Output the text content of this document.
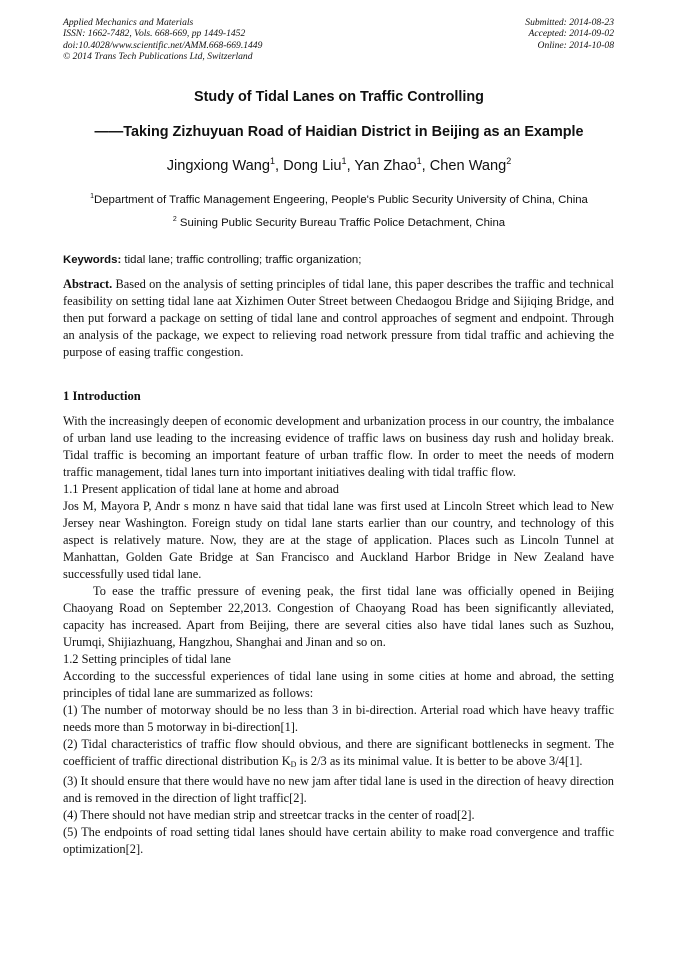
Applied Mechanics and Materials
ISSN: 1662-7482, Vols. 668-669, pp 1449-1452
doi:10.4028/www.scientific.net/AMM.668-669.1449
© 2014 Trans Tech Publications Ltd, Switzerland
Submitted: 2014-08-23
Accepted: 2014-09-02
Online: 2014-10-08
Study of Tidal Lanes on Traffic Controlling
——Taking Zizhuyuan Road of Haidian District in Beijing as an Example
Jingxiong Wang$^1$, Dong Liu$^1$, Yan Zhao$^1$, Chen Wang$^2$
$^1$Department of Traffic Management Engeering, People's Public Security University of China, China
$^2$ Suining Public Security Bureau Traffic Police Detachment, China
Keywords: tidal lane; traffic controlling; traffic organization;
Abstract. Based on the analysis of setting principles of tidal lane, this paper describes the traffic and technical feasibility on setting tidal lane aat Xizhimen Outer Street between Chedaogou Bridge and Sijiqing Bridge, and then put forward a package on setting of tidal lane and control approaches of segment and endpoint. Through an analysis of the package, we expect to relieving road network pressure from tidal traffic and achieving the purpose of easing traffic congestion.
1 Introduction

With the increasingly deepen of economic development and urbanization process in our country, the imbalance of urban land use leading to the increasing evidence of traffic laws on business day rush and holiday break. Tidal traffic is becoming an important feature of urban traffic flow. In order to meet the needs of modern traffic management, tidal lanes turn into important initiatives dealing with tidal traffic flow.

1.1 Present application of tidal lane at home and abroad

Jos M, Mayora P, Andr s monz n have said that tidal lane was first used at Lincoln Street which lead to New Jersey near Washington. Foreign study on tidal lane starts earlier than our country, and technology of this aspect is relatively mature. Now, they are at the stage of application. Places such as Lincoln Tunnel at Manhattan, Golden Gate Bridge at San Francisco and Auckland Harbor Bridge in New Zealand have successfully used tidal lane.

To ease the traffic pressure of evening peak, the first tidal lane was officially opened in Beijing Chaoyang Road on September 22,2013. Congestion of Chaoyang Road has been significantly alleviated, capacity has increased. Apart from Beijing, there are several cities also have tidal lanes such as Suzhou, Urumqi, Shijiazhuang, Hangzhou, Shanghai and Jinan and so on.

1.2 Setting principles of tidal lane

According to the successful experiences of tidal lane using in some cities at home and abroad, the setting principles of tidal lane are summarized as follows:

(1) The number of motorway should be no less than 3 in bi-direction. Arterial road which have heavy traffic needs more than 5 motorway in bi-direction[1].

(2) Tidal characteristics of traffic flow should obvious, and there are significant bottlenecks in segment. The coefficient of traffic directional distribution $K_D$ is 2/3 as its minimal value. It is better to be above 3/4[1].

(3) It should ensure that there would have no new jam after tidal lane is used in the direction of heavy direction and is removed in the direction of light traffic[2].

(4) There should not have median strip and streetcar tracks in the center of road[2].

(5) The endpoints of road setting tidal lanes should have certain ability to make road convergence and traffic optimization[2].
